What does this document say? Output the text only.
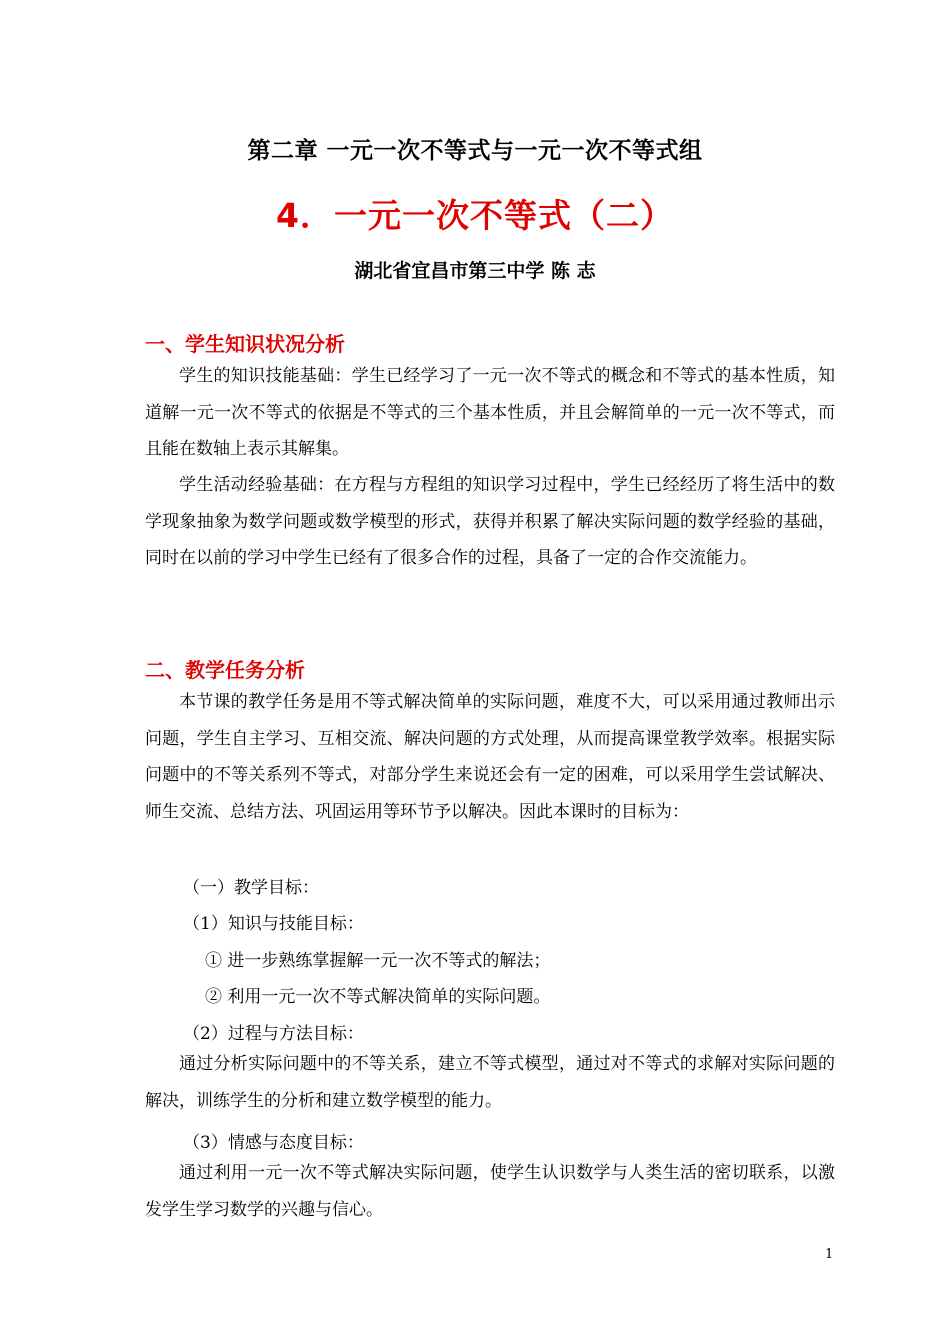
第二章 一元一次不等式与一元一次不等式组
4．一元一次不等式（二）
湖北省宜昌市第三中学 陈 志
一、学生知识状况分析

学生的知识技能基础：学生已经学习了一元一次不等式的概念和不等式的基本性质，知道解一元一次不等式的依据是不等式的三个基本性质，并且会解简单的一元一次不等式，而且能在数轴上表示其解集。

学生活动经验基础：在方程与方程组的知识学习过程中，学生已经经历了将生活中的数学现象抽象为数学问题或数学模型的形式，获得并积累了解决实际问题的数学经验的基础，同时在以前的学习中学生已经有了很多合作的过程，具备了一定的合作交流能力。

二、教学任务分析

本节课的教学任务是用不等式解决简单的实际问题，难度不大，可以采用通过教师出示问题，学生自主学习、互相交流、解决问题的方式处理，从而提高课堂教学效率。根据实际问题中的不等关系列不等式，对部分学生来说还会有一定的困难，可以采用学生尝试解决、师生交流、总结方法、巩固运用等环节予以解决。因此本课时的目标为：

（一）教学目标：
（1）知识与技能目标：
① 进一步熟练掌握解一元一次不等式的解法；
② 利用一元一次不等式解决简单的实际问题。
（2）过程与方法目标：

通过分析实际问题中的不等关系，建立不等式模型，通过对不等式的求解对实际问题的解决，训练学生的分析和建立数学模型的能力。

（3）情感与态度目标：

通过利用一元一次不等式解决实际问题，使学生认识数学与人类生活的密切联系，以激发学生学习数学的兴趣与信心。

1
